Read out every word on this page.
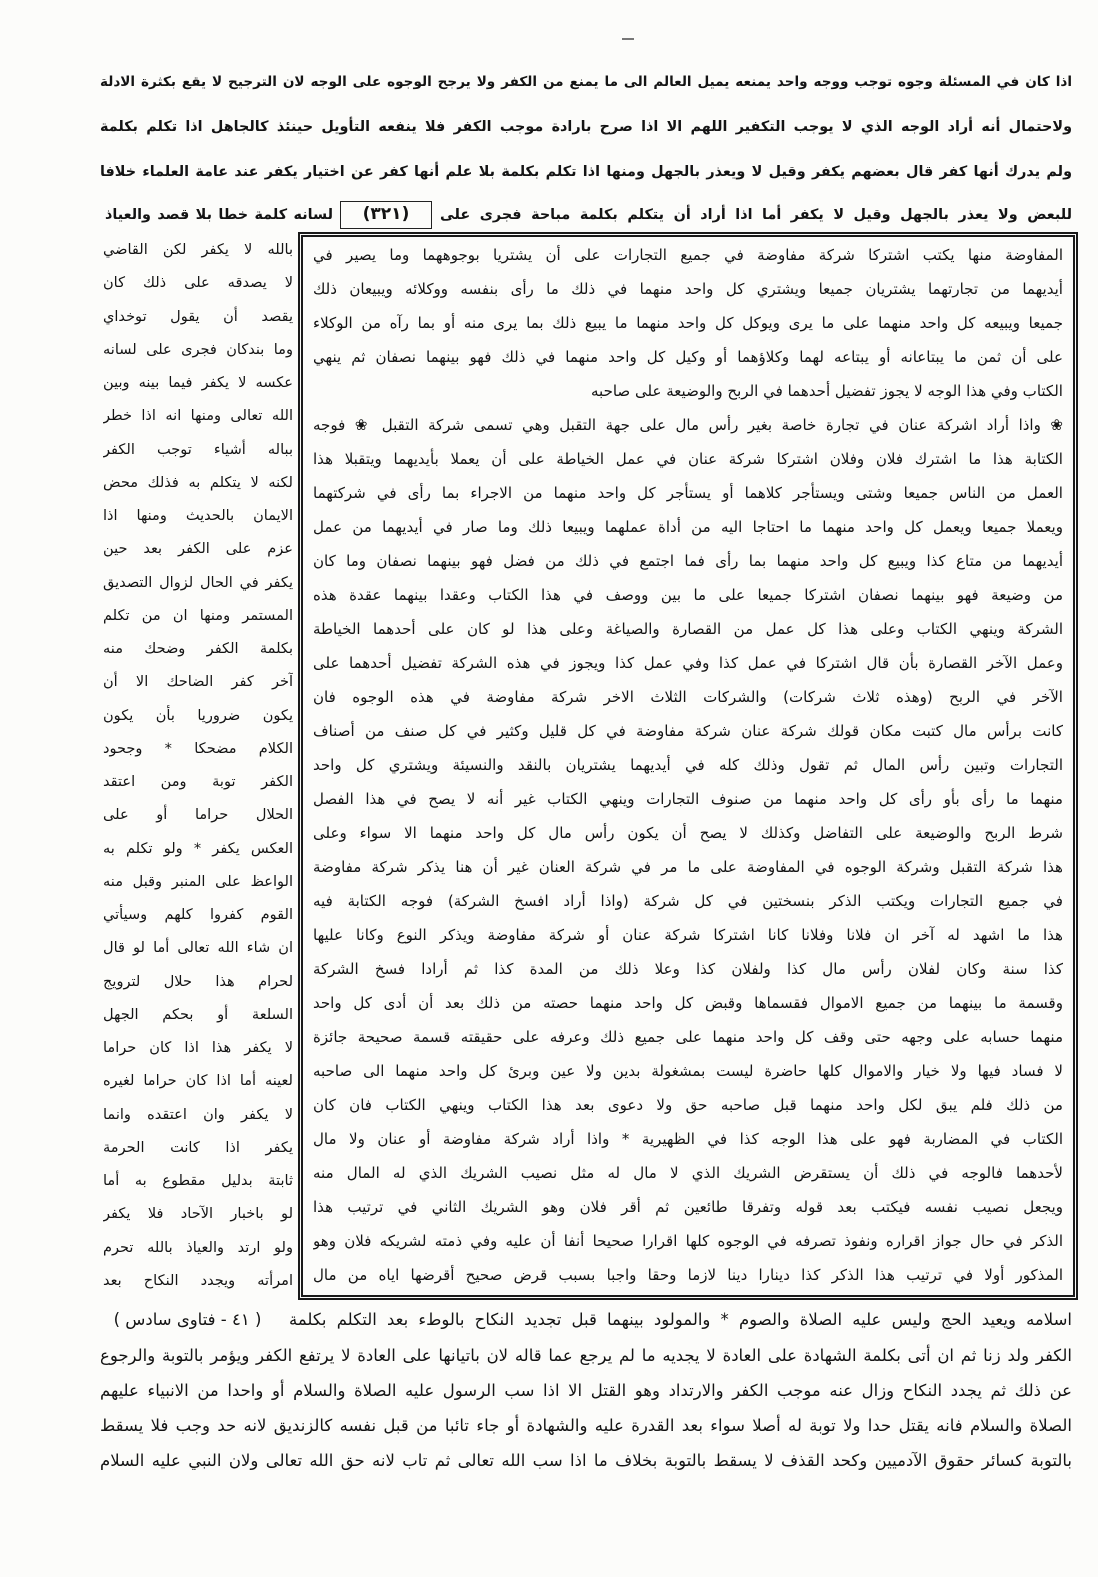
اذا كان في المسئلة وجوه توجب ووجه واحد يمنعه يميل العالم الى ما يمنع من الكفر ولا يرجح الوجوه على الوجه لان الترجيح لا يقع بكثرة الادلة
ولاحتمال أنه أراد الوجه الذي لا يوجب التكفير اللهم الا اذا صرح بارادة موجب الكفر فلا ينفعه التأويل حينئذ كالجاهل اذا تكلم بكلمة
ولم يدرك أنها كفر قال بعضهم يكفر وقيل لا ويعذر بالجهل ومنها اذا تكلم بكلمة بلا علم أنها كفر عن اختيار يكفر عند عامة العلماء خلافا
للبعض ولا يعذر بالجهل وقيل لا يكفر أما اذا أراد أن يتكلم بكلمة مباحة فجرى على
(٣٢١)
لسانه كلمة خطا بلا قصد والعياذ
بالله لا يكفر لكن القاضي
لا يصدقه على ذلك كان
يقصد أن يقول توخداي
وما بندكان فجرى على لسانه
عكسه لا يكفر فيما بينه وبين
الله تعالى ومنها انه اذا خطر
بباله أشياء توجب الكفر
لكنه لا يتكلم به فذلك محض
الايمان بالحديث ومنها اذا
عزم على الكفر بعد حين
يكفر في الحال لزوال التصديق
المستمر ومنها ان من تكلم
بكلمة الكفر وضحك منه
آخر كفر الضاحك الا أن
يكون ضروريا بأن يكون
الكلام مضحكا * وجحود
الكفر توبة ومن اعتقد
الحلال حراما أو على
العكس يكفر * ولو تكلم به
الواعظ على المنبر وقبل منه
القوم كفروا كلهم وسيأتي
ان شاء الله تعالى أما لو قال
لحرام هذا حلال لترويج
السلعة أو بحكم الجهل
لا يكفر هذا اذا كان حراما
لعينه أما اذا كان حراما لغيره
لا يكفر وان اعتقده وانما
يكفر اذا كانت الحرمة
ثابتة بدليل مقطوع به أما
لو باخبار الآحاد فلا يكفر
ولو ارتد والعياذ بالله تحرم
امرأته ويجدد النكاح بعد
المفاوضة منها يكتب اشتركا شركة مفاوضة في جميع التجارات على أن يشتريا بوجوههما وما يصير في
أيديهما من تجارتهما يشتريان جميعا ويشتري كل واحد منهما في ذلك ما رأى بنفسه ووكلائه ويبيعان ذلك
جميعا ويبيعه كل واحد منهما على ما يرى ويوكل كل واحد منهما ما يبيع ذلك بما يرى منه أو بما رآه من الوكلاء
على أن ثمن ما يبتاعانه أو يبتاعه لهما وكلاؤهما أو وكيل كل واحد منهما في ذلك فهو بينهما نصفان ثم ينهي
الكتاب وفي هذا الوجه لا يجوز تفضيل أحدهما في الربح والوضيعة على صاحبه
❀ واذا أراد اشركة عنان في تجارة خاصة بغير رأس مال على جهة التقبل وهي تسمى شركة التقبل ❀ فوجه
الكتابة هذا ما اشترك فلان وفلان اشتركا شركة عنان في عمل الخياطة على أن يعملا بأيديهما ويتقبلا هذا
العمل من الناس جميعا وشتى ويستأجر كلاهما أو يستأجر كل واحد منهما من الاجراء بما رأى في شركتهما
ويعملا جميعا ويعمل كل واحد منهما ما احتاجا اليه من أداة عملهما ويبيعا ذلك وما صار في أيديهما من عمل
أيديهما من متاع كذا ويبيع كل واحد منهما بما رأى فما اجتمع في ذلك من فضل فهو بينهما نصفان وما كان
من وضيعة فهو بينهما نصفان اشتركا جميعا على ما بين ووصف في هذا الكتاب وعقدا بينهما عقدة هذه
الشركة وينهي الكتاب وعلى هذا كل عمل من القصارة والصياغة وعلى هذا لو كان على أحدهما الخياطة
وعمل الآخر القصارة بأن قال اشتركا في عمل كذا وفي عمل كذا ويجوز في هذه الشركة تفضيل أحدهما على
الآخر في الربح (وهذه ثلاث شركات) والشركات الثلاث الاخر شركة مفاوضة في هذه الوجوه فان
كانت برأس مال كتبت مكان قولك شركة عنان شركة مفاوضة في كل قليل وكثير في كل صنف من أصناف
التجارات وتبين رأس المال ثم تقول وذلك كله في أيديهما يشتريان بالنقد والنسيئة ويشتري كل واحد
منهما ما رأى بأو رأى كل واحد منهما من صنوف التجارات وينهي الكتاب غير أنه لا يصح في هذا الفصل
شرط الربح والوضيعة على التفاضل وكذلك لا يصح أن يكون رأس مال كل واحد منهما الا سواء وعلى
هذا شركة التقبل وشركة الوجوه في المفاوضة على ما مر في شركة العنان غير أن هنا يذكر شركة مفاوضة
في جميع التجارات ويكتب الذكر بنسختين في كل شركة (واذا أراد افسخ الشركة) فوجه الكتابة فيه
هذا ما اشهد له آخر ان فلانا وفلانا كانا اشتركا شركة عنان أو شركة مفاوضة ويذكر النوع وكانا عليها
كذا سنة وكان لفلان رأس مال كذا ولفلان كذا وعلا ذلك من المدة كذا ثم أرادا فسخ الشركة
وقسمة ما بينهما من جميع الاموال فقسماها وقبض كل واحد منهما حصته من ذلك بعد أن أدى كل واحد
منهما حسابه على وجهه حتى وقف كل واحد منهما على جميع ذلك وعرفه على حقيقته قسمة صحيحة جائزة
لا فساد فيها ولا خيار والاموال كلها حاضرة ليست بمشغولة بدين ولا عين وبرئ كل واحد منهما الى صاحبه
من ذلك فلم يبق لكل واحد منهما قبل صاحبه حق ولا دعوى بعد هذا الكتاب وينهي الكتاب فان كان
الكتاب في المضاربة فهو على هذا الوجه كذا في الظهيرية * واذا أراد شركة مفاوضة أو عنان ولا مال
لأحدهما فالوجه في ذلك أن يستقرض الشريك الذي لا مال له مثل نصيب الشريك الذي له المال منه
ويجعل نصيب نفسه فيكتب بعد قوله وتفرقا طائعين ثم أقر فلان وهو الشريك الثاني في ترتيب هذا
الذكر في حال جواز اقراره ونفوذ تصرفه في الوجوه كلها اقرارا صحيحا أنفا أن عليه وفي ذمته لشريكه فلان وهو
المذكور أولا في ترتيب هذا الذكر كذا دينارا دينا لازما وحقا واجبا بسبب قرض صحيح أقرضها اياه من مال
اسلامه ويعيد الحج وليس عليه الصلاة والصوم * والمولود بينهما قبل تجديد النكاح بالوطء بعد التكلم بكلمة
( ٤١ - فتاوى سادس )
الكفر ولد زنا ثم ان أتى بكلمة الشهادة على العادة لا يجديه ما لم يرجع عما قاله لان باتيانها على العادة لا يرتفع الكفر ويؤمر بالتوبة والرجوع
عن ذلك ثم يجدد النكاح وزال عنه موجب الكفر والارتداد وهو القتل الا اذا سب الرسول عليه الصلاة والسلام أو واحدا من الانبياء عليهم
الصلاة والسلام فانه يقتل حدا ولا توبة له أصلا سواء بعد القدرة عليه والشهادة أو جاء تائبا من قبل نفسه كالزنديق لانه حد وجب فلا يسقط
بالتوبة كسائر حقوق الآدميين وكحد القذف لا يسقط بالتوبة بخلاف ما اذا سب الله تعالى ثم تاب لانه حق الله تعالى ولان النبي عليه السلام
